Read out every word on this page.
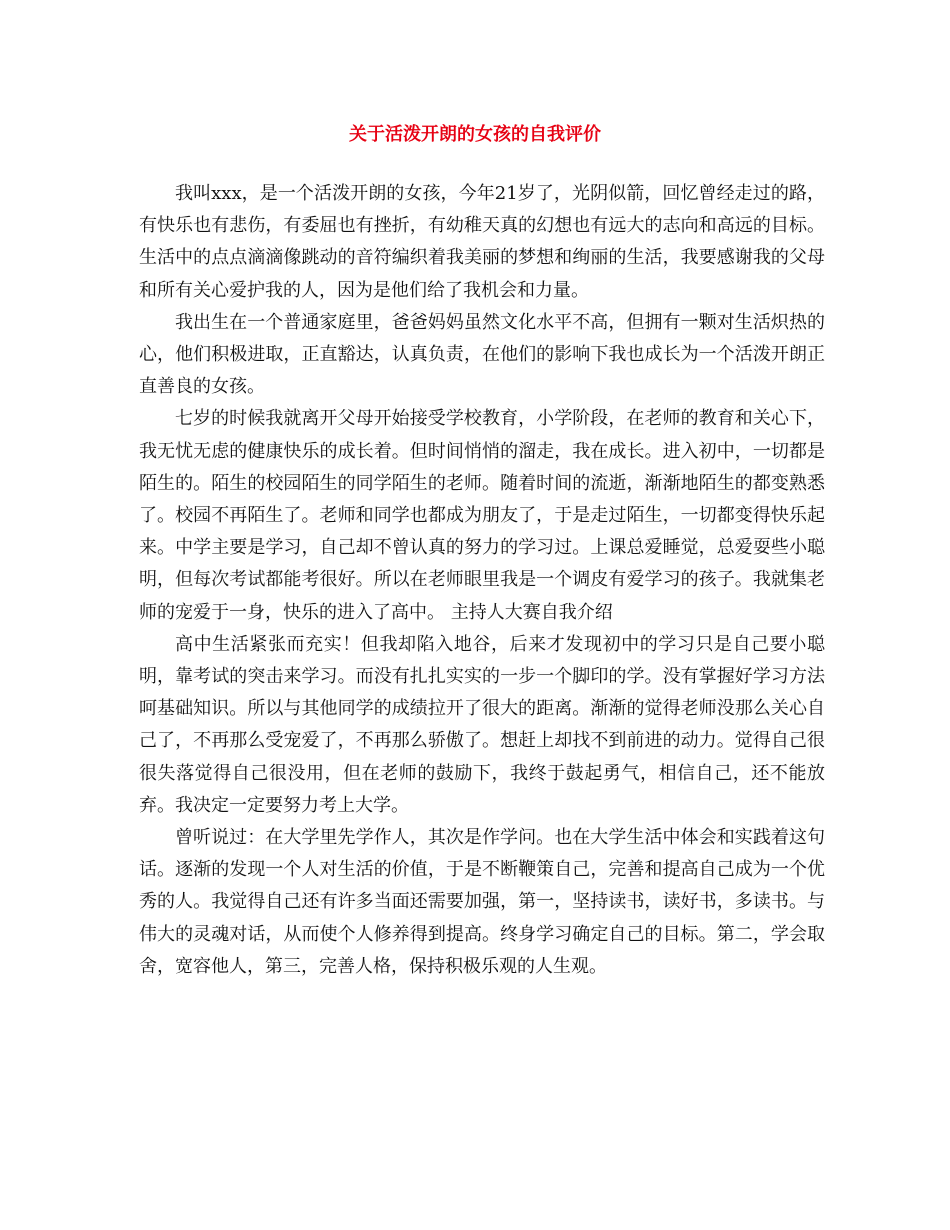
关于活泼开朗的女孩的自我评价

我叫xxx，是一个活泼开朗的女孩，今年21岁了，光阴似箭，回忆曾经走过的路，有快乐也有悲伤，有委屈也有挫折，有幼稚天真的幻想也有远大的志向和高远的目标。生活中的点点滴滴像跳动的音符编织着我美丽的梦想和绚丽的生活，我要感谢我的父母和所有关心爱护我的人，因为是他们给了我机会和力量。

我出生在一个普通家庭里，爸爸妈妈虽然文化水平不高，但拥有一颗对生活炽热的心，他们积极进取，正直豁达，认真负责，在他们的影响下我也成长为一个活泼开朗正直善良的女孩。

七岁的时候我就离开父母开始接受学校教育，小学阶段，在老师的教育和关心下，我无忧无虑的健康快乐的成长着。但时间悄悄的溜走，我在成长。进入初中，一切都是陌生的。陌生的校园陌生的同学陌生的老师。随着时间的流逝，渐渐地陌生的都变熟悉了。校园不再陌生了。老师和同学也都成为朋友了，于是走过陌生，一切都变得快乐起来。中学主要是学习，自己却不曾认真的努力的学习过。上课总爱睡觉，总爱耍些小聪明，但每次考试都能考很好。所以在老师眼里我是一个调皮有爱学习的孩子。我就集老师的宠爱于一身，快乐的进入了高中。 主持人大赛自我介绍

高中生活紧张而充实！但我却陷入地谷，后来才发现初中的学习只是自己要小聪明，靠考试的突击来学习。而没有扎扎实实的一步一个脚印的学。没有掌握好学习方法呵基础知识。所以与其他同学的成绩拉开了很大的距离。渐渐的觉得老师没那么关心自己了，不再那么受宠爱了，不再那么骄傲了。想赶上却找不到前进的动力。觉得自己很很失落觉得自己很没用，但在老师的鼓励下，我终于鼓起勇气，相信自己，还不能放弃。我决定一定要努力考上大学。

曾听说过：在大学里先学作人，其次是作学问。也在大学生活中体会和实践着这句话。逐渐的发现一个人对生活的价值，于是不断鞭策自己，完善和提高自己成为一个优秀的人。我觉得自己还有许多当面还需要加强，第一，坚持读书，读好书，多读书。与伟大的灵魂对话，从而使个人修养得到提高。终身学习确定自己的目标。第二，学会取舍，宽容他人，第三，完善人格，保持积极乐观的人生观。
